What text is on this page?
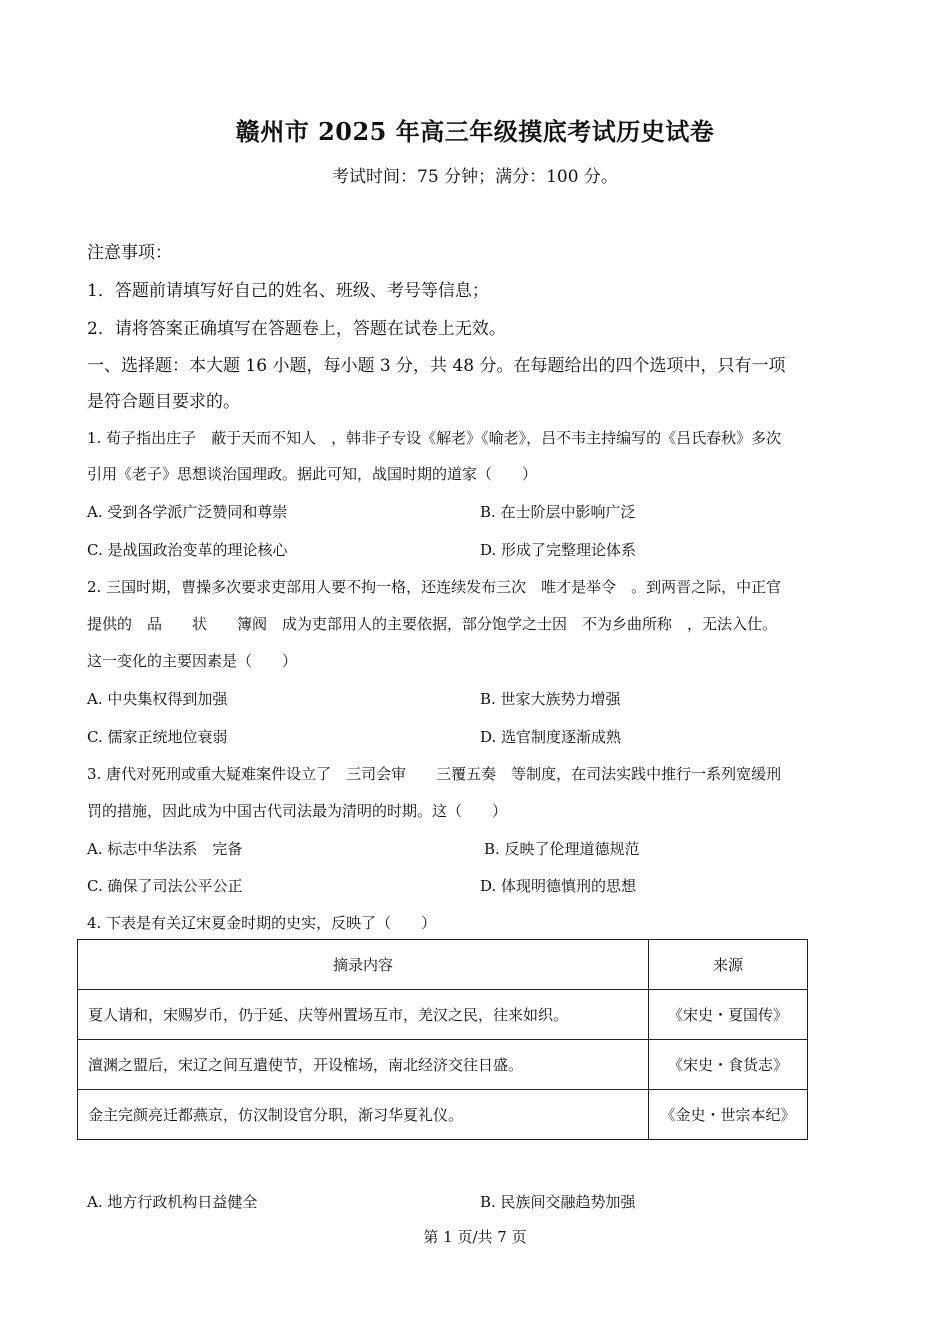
赣州市 2025 年高三年级摸底考试历史试卷
考试时间：75 分钟；满分：100 分。
注意事项：
1．答题前请填写好自己的姓名、班级、考号等信息；
2．请将答案正确填写在答题卷上，答题在试卷上无效。
一、选择题：本大题 16 小题，每小题 3 分，共 48 分。在每题给出的四个选项中，只有一项
是符合题目要求的。
1. 荀子指出庄子　蔽于天而不知人　，韩非子专设《解老》《喻老》，吕不韦主持编写的《吕氏春秋》多次
引用《老子》思想谈治国理政。据此可知，战国时期的道家（　　）
A. 受到各学派广泛赞同和尊崇	B. 在士阶层中影响广泛
C. 是战国政治变革的理论核心	D. 形成了完整理论体系
2. 三国时期，曹操多次要求吏部用人要不拘一格，还连续发布三次　唯才是举令　。到两晋之际，中正官
提供的　品　　状　　簿阀　成为吏部用人的主要依据，部分饱学之士因　不为乡曲所称　，无法入仕。
这一变化的主要因素是（　　）
A. 中央集权得到加强	B. 世家大族势力增强
C. 儒家正统地位衰弱	D. 选官制度逐渐成熟
3. 唐代对死刑或重大疑难案件设立了　三司会审　　三覆五奏　等制度，在司法实践中推行一系列宽缓刑
罚的措施，因此成为中国古代司法最为清明的时期。这（　　）
A. 标志中华法系　完备	B. 反映了伦理道德规范
C. 确保了司法公平公正	D. 体现明德慎刑的思想
4. 下表是有关辽宋夏金时期的史实，反映了（　　）
摘录内容	来源
夏人请和，宋赐岁币，仍于延、庆等州置场互市，羌汉之民，往来如织。	《宋史・夏国传》
澶渊之盟后，宋辽之间互遣使节，开设榷场，南北经济交往日盛。	《宋史・食货志》
金主完颜亮迁都燕京，仿汉制设官分职，渐习华夏礼仪。	《金史・世宗本纪》
A. 地方行政机构日益健全	B. 民族间交融趋势加强
第 1 页/共 7 页
